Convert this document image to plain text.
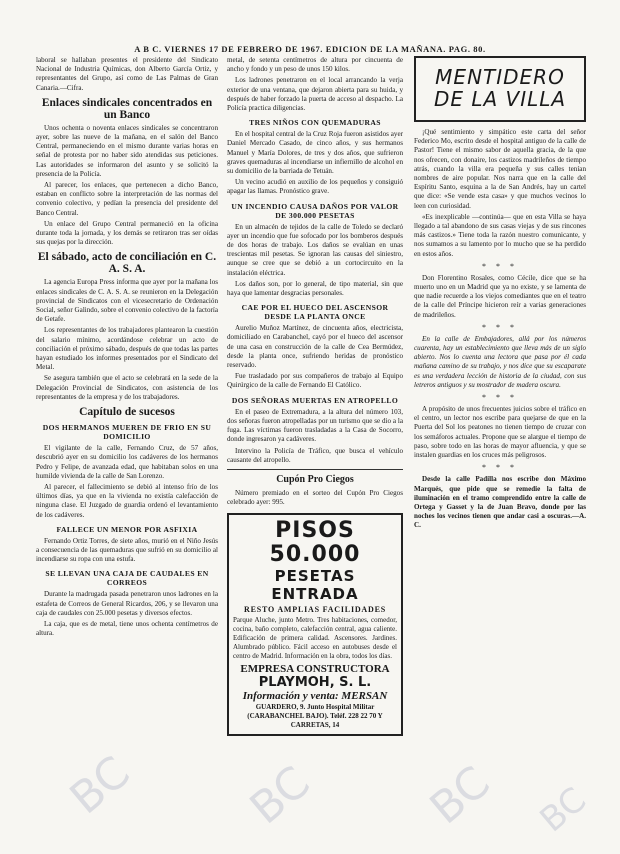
A B C. VIERNES 17 DE FEBRERO DE 1967. EDICION DE LA MAÑANA. PAG. 80.

laboral se hallaban presentes el presidente del Sindicato Nacional de Industria Químicas, don Alberto García Ortiz, y representantes del Grupo, así como de Las Palmas de Gran Canaria.—Cifra.

Enlaces sindicales concentrados en un Banco

Unos ochenta o noventa enlaces sindicales se concentraron ayer, sobre las nueve de la mañana, en el salón del Banco Central, permaneciendo en el mismo durante varias horas en señal de protesta por no haber sido atendidas sus peticiones. Las autoridades se informaron del asunto y se solicitó la presencia de la Policía.

Al parecer, los enlaces, que pertenecen a dicho Banco, estaban en conflicto sobre la interpretación de las normas del convenio colectivo, y pedían la presencia del presidente del Banco Central.

Un enlace del Grupo Central permaneció en la oficina durante toda la jornada, y los demás se retiraron tras ser oídas sus quejas por la dirección.

El sábado, acto de conciliación en C. A. S. A.

La agencia Europa Press informa que ayer por la mañana los enlaces sindicales de C. A. S. A. se reunieron en la Delegación provincial de Sindicatos con el vicesecretario de Ordenación Social, señor Galindo, sobre el convenio colectivo de la factoría de Getafe.

Los representantes de los trabajadores plantearon la cuestión del salario mínimo, acordándose celebrar un acto de conciliación el próximo sábado, después de que todas las partes hayan estudiado los informes presentados por el Sindicato del Metal.

Se asegura también que el acto se celebrará en la sede de la Delegación Provincial de Sindicatos, con asistencia de los representantes de la empresa y de los trabajadores.

Capítulo de sucesos
DOS HERMANOS MUEREN DE FRIO EN SU DOMICILIO

El vigilante de la calle, Fernando Cruz, de 57 años, descubrió ayer en su domicilio los cadáveres de los hermanos Pedro y Felipe, de avanzada edad, que habitaban solos en una humilde vivienda de la calle de San Lorenzo.

Al parecer, el fallecimiento se debió al intenso frío de los últimos días, ya que en la vivienda no existía calefacción de ninguna clase. El Juzgado de guardia ordenó el levantamiento de los cadáveres.

FALLECE UN MENOR POR ASFIXIA

Fernando Ortiz Torres, de siete años, murió en el Niño Jesús a consecuencia de las quemaduras que sufrió en su domicilio al incendiarse su ropa con una estufa.

SE LLEVAN UNA CAJA DE CAUDALES EN CORREOS

Durante la madrugada pasada penetraron unos ladrones en la estafeta de Correos de General Ricardos, 206, y se llevaron una caja de caudales con 25.000 pesetas y diversos efectos.

La caja, que es de metal, tiene unos ochenta centímetros de altura.

metal, de setenta centímetros de altura por cincuenta de ancho y fondo y un peso de unos 150 kilos.

Los ladrones penetraron en el local arrancando la verja exterior de una ventana, que dejaron abierta para su huida, y después de haber forzado la puerta de acceso al despacho. La Policía practica diligencias.

TRES NIÑOS CON QUEMADURAS

En el hospital central de la Cruz Roja fueron asistidos ayer Daniel Mercado Casado, de cinco años, y sus hermanos Manuel y María Dolores, de tres y dos años, que sufrieron graves quemaduras al incendiarse un infiernillo de alcohol en su domicilio de la barriada de Tetuán.

Un vecino acudió en auxilio de los pequeños y consiguió apagar las llamas. Pronóstico grave.

UN INCENDIO CAUSA DAÑOS POR VALOR DE 300.000 PESETAS

En un almacén de tejidos de la calle de Toledo se declaró ayer un incendio que fue sofocado por los bomberos después de dos horas de trabajo. Los daños se evalúan en unas trescientas mil pesetas. Se ignoran las causas del siniestro, aunque se cree que se debió a un cortocircuito en la instalación eléctrica.

Los daños son, por lo general, de tipo material, sin que haya que lamentar desgracias personales.

CAE POR EL HUECO DEL ASCENSOR DESDE LA PLANTA ONCE

Aurelio Muñoz Martínez, de cincuenta años, electricista, domiciliado en Carabanchel, cayó por el hueco del ascensor de una casa en construcción de la calle de Cea Bermúdez, desde la planta once, sufriendo heridas de pronóstico reservado.

Fue trasladado por sus compañeros de trabajo al Equipo Quirúrgico de la calle de Fernando El Católico.

DOS SEÑORAS MUERTAS EN ATROPELLO

En el paseo de Extremadura, a la altura del número 103, dos señoras fueron atropelladas por un turismo que se dio a la fuga. Las víctimas fueron trasladadas a la Casa de Socorro, donde ingresaron ya cadáveres.

Intervino la Policía de Tráfico, que busca el vehículo causante del atropello.

Cupón Pro Ciegos

Número premiado en el sorteo del Cupón Pro Ciegos celebrado ayer: 995.

PISOS 50.000
PESETAS ENTRADA
RESTO AMPLIAS FACILIDADES
Parque Aluche, junto Metro. Tres habitaciones, comedor, cocina, baño completo, calefacción central, agua caliente. Edificación de primera calidad. Ascensores. Jardines. Alumbrado público. Fácil acceso en autobuses desde el centro de Madrid. Información en la obra, todos los días.
EMPRESA CONSTRUCTORA
PLAYMOH, S. L.
Información y venta: MERSAN
GUARDERO, 9. Junto Hospital Militar (CARABANCHEL BAJO). Teléf. 228 22 70 Y CARRETAS, 14
MENTIDERO
DE LA VILLA

¡Qué sentimiento y simpático este carta del señor Federico Mo, escrito desde el hospital antiguo de la calle de Pastor! Tiene el mismo sabor de aquella gracia, de la que nos ofrecen, con donaire, los castizos madrileños de tiempo atrás, cuando la villa era pequeña y sus calles tenían nombres de aire popular. Nos narra que en la calle del Espíritu Santo, esquina a la de San Andrés, hay un cartel que dice: «Se vende esta casa» y que muchos vecinos lo leen con curiosidad.

«Es inexplicable —continúa— que en esta Villa se haya llegado a tal abandono de sus casas viejas y de sus rincones más castizos.» Tiene toda la razón nuestro comunicante, y nos sumamos a su lamento por lo mucho que se ha perdido en estos años.

* * *

Don Florentino Rosales, como Cécile, dice que se ha muerto uno en un Madrid que ya no existe, y se lamenta de que nadie recuerde a los viejos comediantes que en el teatro de la calle del Príncipe hicieron reír a varias generaciones de madrileños.

* * *

En la calle de Embajadores, allá por los números cuarenta, hay un establecimiento que lleva más de un siglo abierto. Nos lo cuenta una lectora que pasa por él cada mañana camino de su trabajo, y nos dice que su escaparate es una verdadera lección de historia de la ciudad, con sus letreros antiguos y su mostrador de madera oscura.

* * *

A propósito de unos frecuentes juicios sobre el tráfico en el centro, un lector nos escribe para quejarse de que en la Puerta del Sol los peatones no tienen tiempo de cruzar con los semáforos actuales. Propone que se alargue el tiempo de paso, sobre todo en las horas de mayor afluencia, y que se instalen guardias en los cruces más peligrosos.

* * *

Desde la calle Padilla nos escribe don Máximo Marqués, que pide que se remedie la falta de iluminación en el tramo comprendido entre la calle de Ortega y Gasset y la de Juan Bravo, donde por las noches los vecinos tienen que andar casi a oscuras.—A. C.

BC BC BC BC
